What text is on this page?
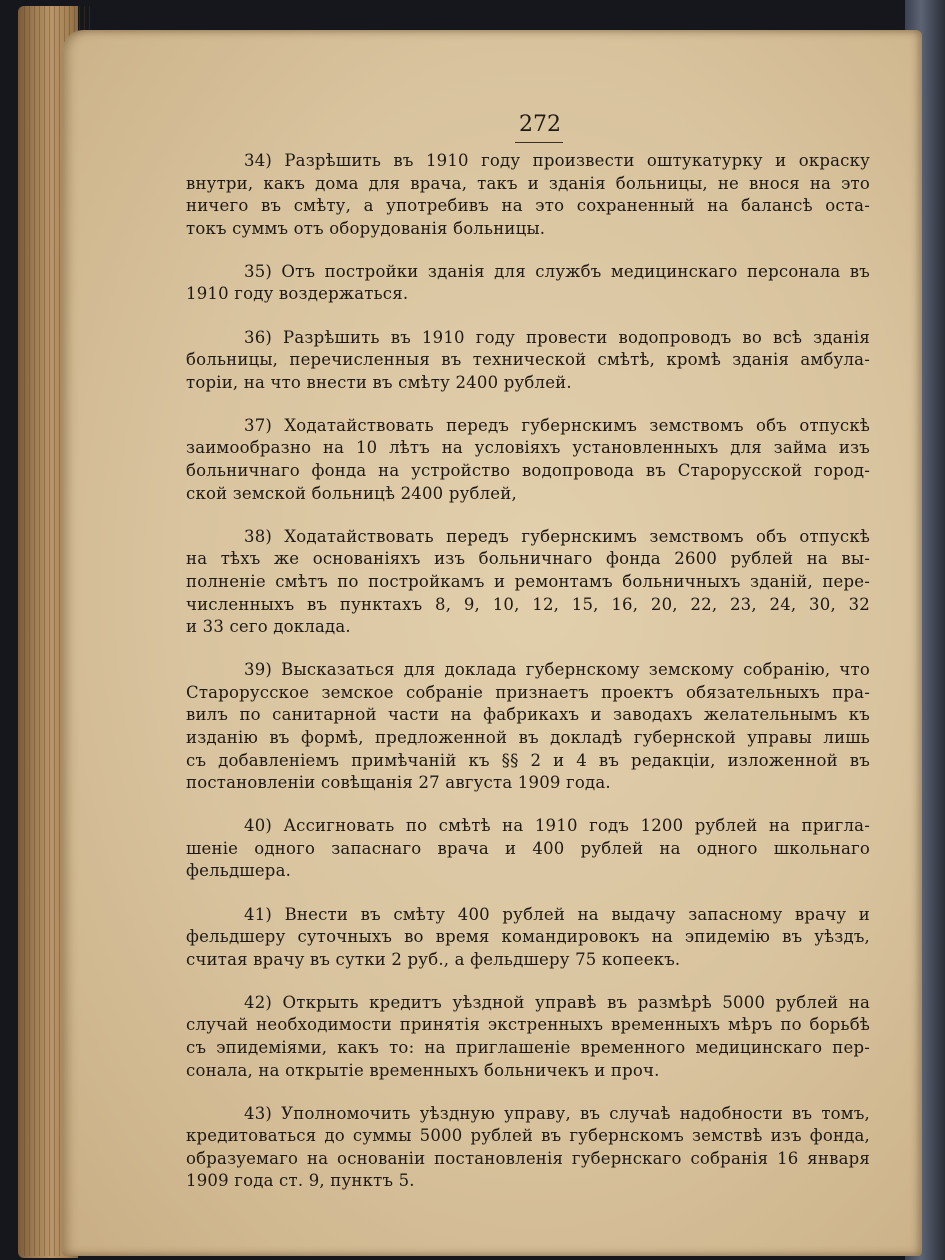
272
34) Разрѣшить въ 1910 году произвести оштукатурку и окраску
внутри, какъ дома для врача, такъ и зданія больницы, не внося на это
ничего въ смѣту, а употребивъ на это сохраненный на балансѣ оста-
токъ суммъ отъ оборудованія больницы.
35) Отъ постройки зданія для службъ медицинскаго персонала въ
1910 году воздержаться.
36) Разрѣшить въ 1910 году провести водопроводъ во всѣ зданія
больницы, перечисленныя въ технической смѣтѣ, кромѣ зданія амбула-
торіи, на что внести въ смѣту 2400 рублей.
37) Ходатайствовать передъ губернскимъ земствомъ объ отпускѣ
заимообразно на 10 лѣтъ на условіяхъ установленныхъ для займа изъ
больничнаго фонда на устройство водопровода въ Старорусской город-
ской земской больницѣ 2400 рублей,
38) Ходатайствовать передъ губернскимъ земствомъ объ отпускѣ
на тѣхъ же основаніяхъ изъ больничнаго фонда 2600 рублей на вы-
полненіе смѣтъ по постройкамъ и ремонтамъ больничныхъ зданій, пере-
численныхъ въ пунктахъ 8, 9, 10, 12, 15, 16, 20, 22, 23, 24, 30, 32
и 33 сего доклада.
39) Высказаться для доклада губернскому земскому собранію, что
Старорусское земское собраніе признаетъ проектъ обязательныхъ пра-
вилъ по санитарной части на фабрикахъ и заводахъ желательнымъ къ
изданію въ формѣ, предложенной въ докладѣ губернской управы лишь
съ добавленіемъ примѣчаній къ §§ 2 и 4 въ редакціи, изложенной въ
постановленіи совѣщанія 27 августа 1909 года.
40) Ассигновать по смѣтѣ на 1910 годъ 1200 рублей на пригла-
шеніе одного запаснаго врача и 400 рублей на одного школьнаго
фельдшера.
41) Внести въ смѣту 400 рублей на выдачу запасному врачу и
фельдшеру суточныхъ во время командировокъ на эпидемію въ уѣздъ,
считая врачу въ сутки 2 руб., а фельдшеру 75 копеекъ.
42) Открыть кредитъ уѣздной управѣ въ размѣрѣ 5000 рублей на
случай необходимости принятія экстренныхъ временныхъ мѣръ по борьбѣ
съ эпидеміями, какъ то: на приглашеніе временного медицинскаго пер-
сонала, на открытіе временныхъ больничекъ и проч.
43) Уполномочить уѣздную управу, въ случаѣ надобности въ томъ,
кредитоваться до суммы 5000 рублей въ губернскомъ земствѣ изъ фонда,
образуемаго на основаніи постановленія губернскаго собранія 16 января
1909 года ст. 9, пунктъ 5.
